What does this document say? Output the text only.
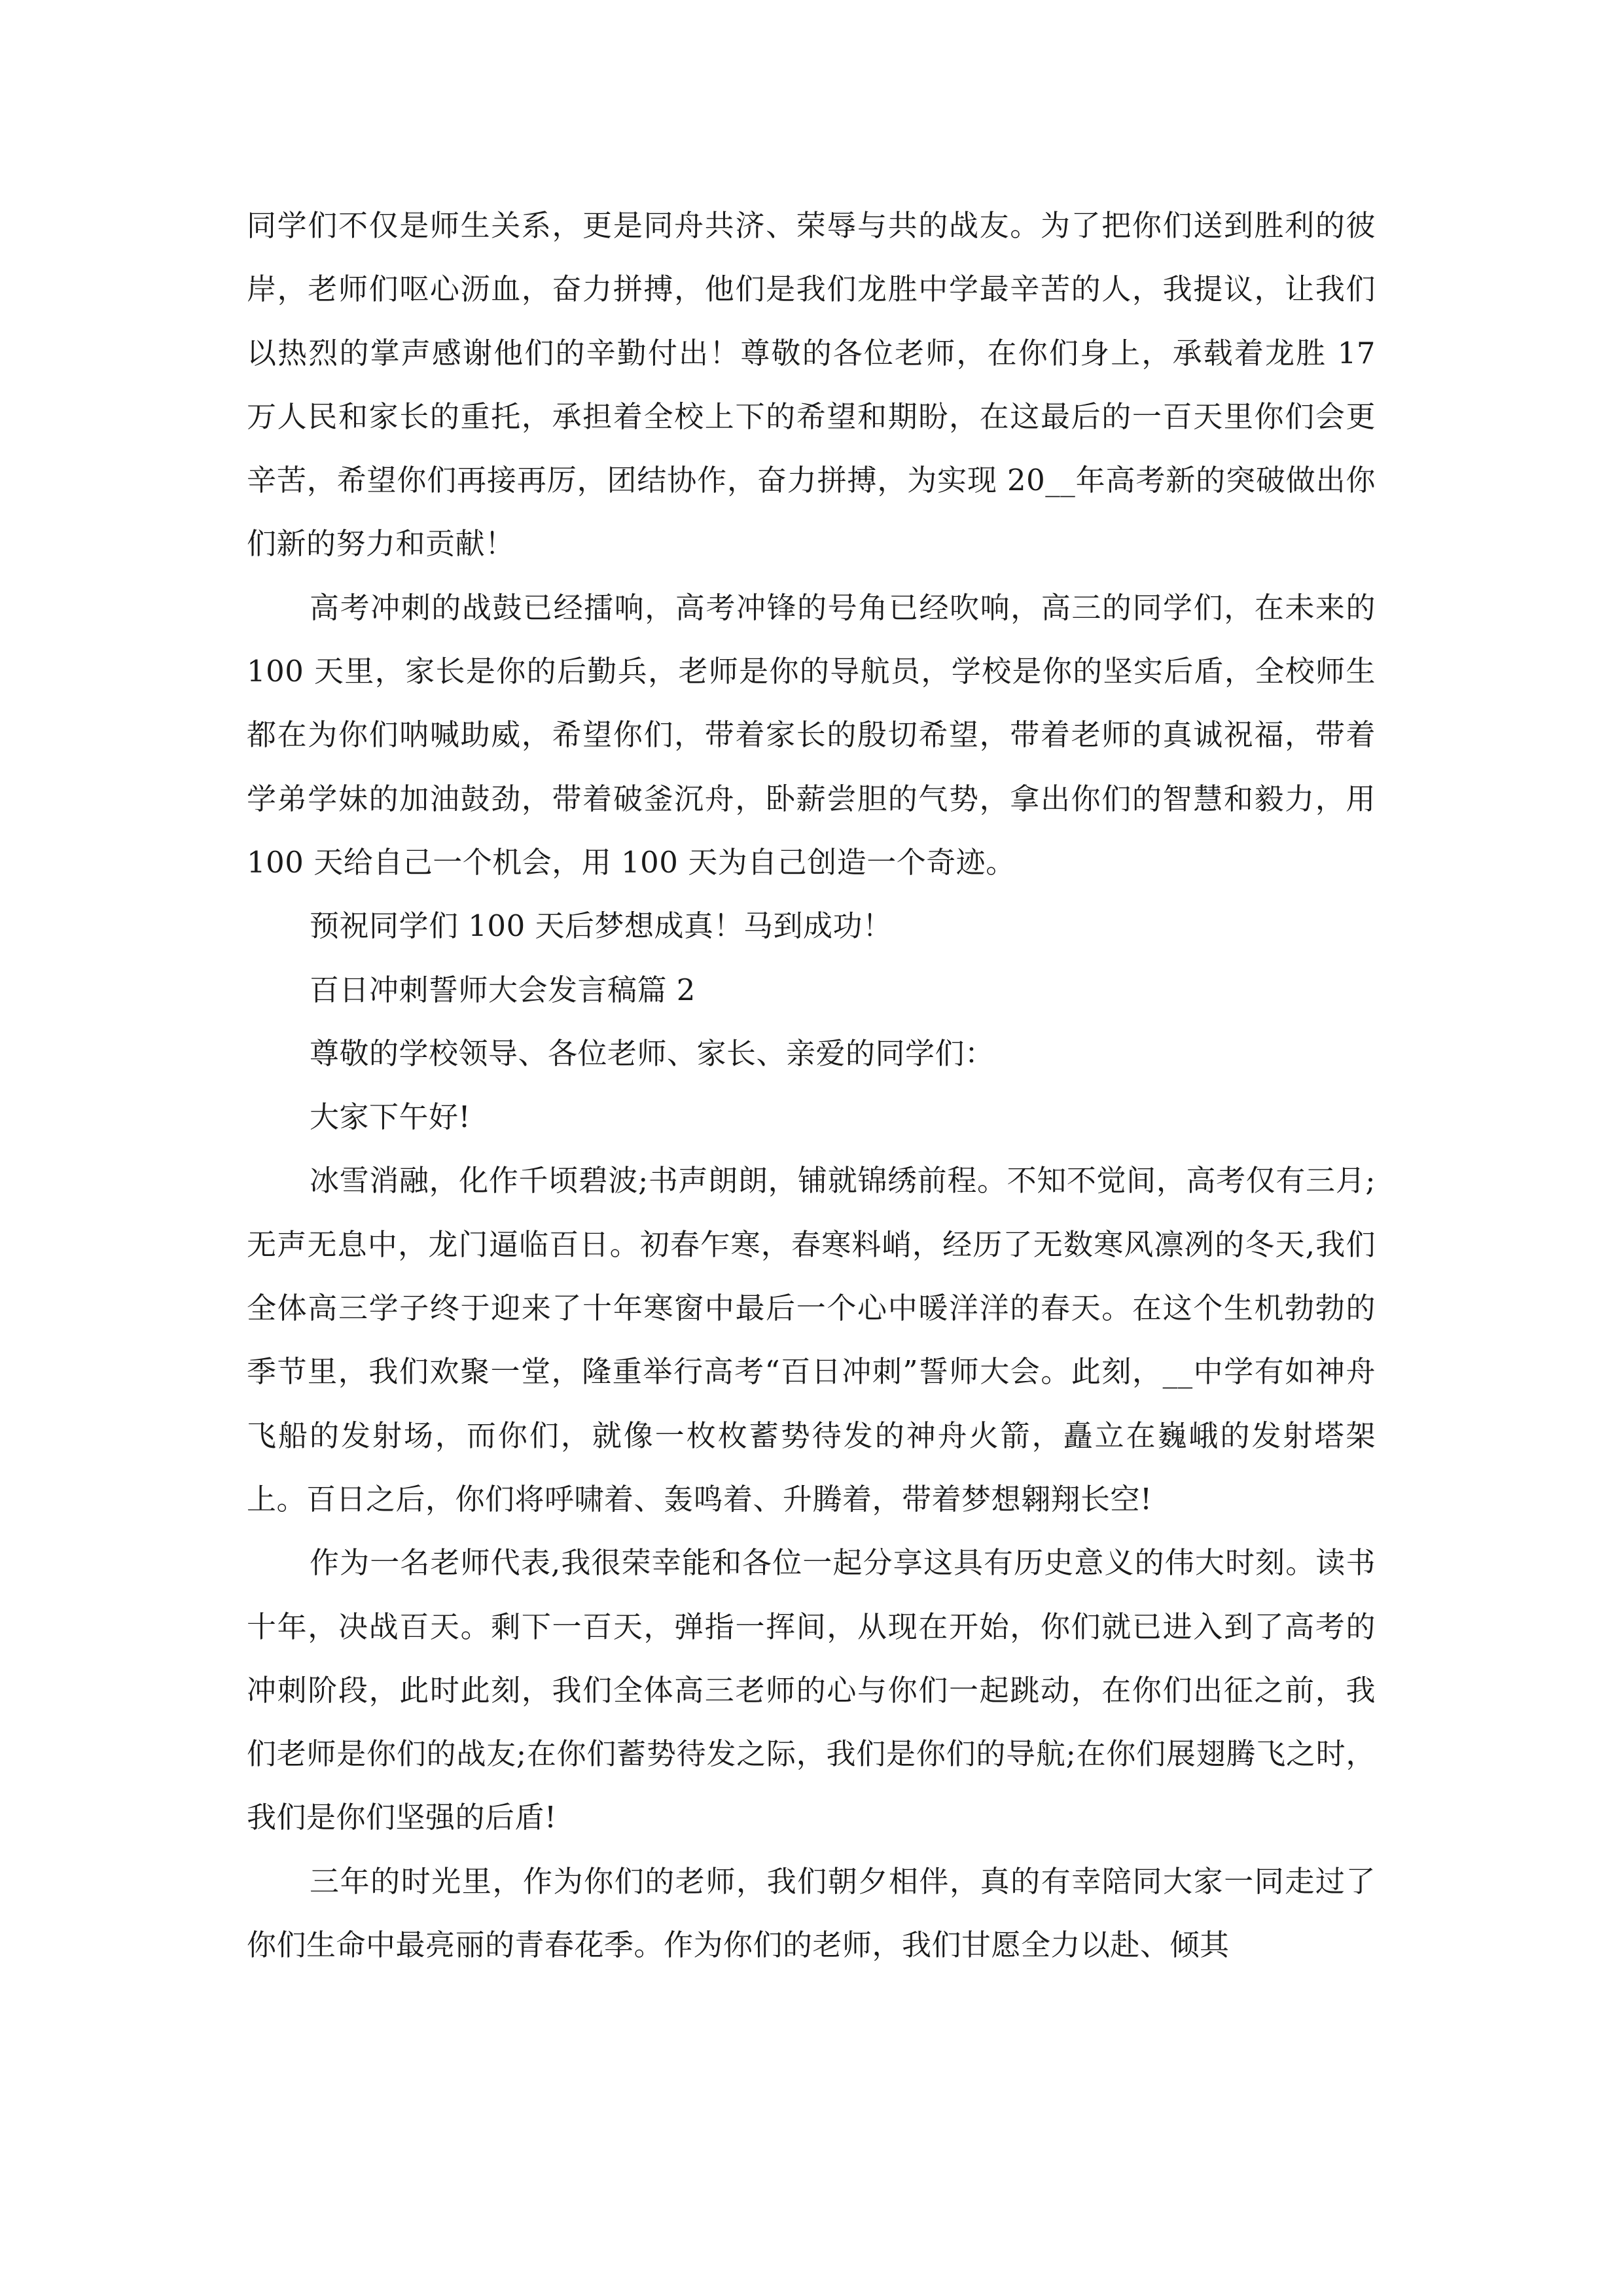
同学们不仅是师生关系，更是同舟共济、荣辱与共的战友。为了把你们送到胜利的彼岸，老师们呕心沥血，奋力拼搏，他们是我们龙胜中学最辛苦的人，我提议，让我们以热烈的掌声感谢他们的辛勤付出！尊敬的各位老师，在你们身上，承载着龙胜 17 万人民和家长的重托，承担着全校上下的希望和期盼，在这最后的一百天里你们会更辛苦，希望你们再接再厉，团结协作，奋力拼搏，为实现 20__年高考新的突破做出你们新的努力和贡献！

高考冲刺的战鼓已经擂响，高考冲锋的号角已经吹响，高三的同学们，在未来的 100 天里，家长是你的后勤兵，老师是你的导航员，学校是你的坚实后盾，全校师生都在为你们呐喊助威，希望你们，带着家长的殷切希望，带着老师的真诚祝福，带着学弟学妹的加油鼓劲，带着破釜沉舟，卧薪尝胆的气势，拿出你们的智慧和毅力，用 100 天给自己一个机会，用 100 天为自己创造一个奇迹。

预祝同学们 100 天后梦想成真！马到成功！

百日冲刺誓师大会发言稿篇 2

尊敬的学校领导、各位老师、家长、亲爱的同学们：

大家下午好!

冰雪消融，化作千顷碧波;书声朗朗，铺就锦绣前程。不知不觉间，高考仅有三月;无声无息中，龙门逼临百日。初春乍寒，春寒料峭，经历了无数寒风凛冽的冬天,我们全体高三学子终于迎来了十年寒窗中最后一个心中暖洋洋的春天。在这个生机勃勃的季节里，我们欢聚一堂，隆重举行高考“百日冲刺”誓师大会。此刻，__中学有如神舟飞船的发射场，而你们，就像一枚枚蓄势待发的神舟火箭，矗立在巍峨的发射塔架上。百日之后，你们将呼啸着、轰鸣着、升腾着，带着梦想翱翔长空!

作为一名老师代表,我很荣幸能和各位一起分享这具有历史意义的伟大时刻。读书十年，决战百天。剩下一百天，弹指一挥间，从现在开始，你们就已进入到了高考的冲刺阶段，此时此刻，我们全体高三老师的心与你们一起跳动，在你们出征之前，我们老师是你们的战友;在你们蓄势待发之际，我们是你们的导航;在你们展翅腾飞之时，我们是你们坚强的后盾!

三年的时光里，作为你们的老师，我们朝夕相伴，真的有幸陪同大家一同走过了你们生命中最亮丽的青春花季。作为你们的老师，我们甘愿全力以赴、倾其
